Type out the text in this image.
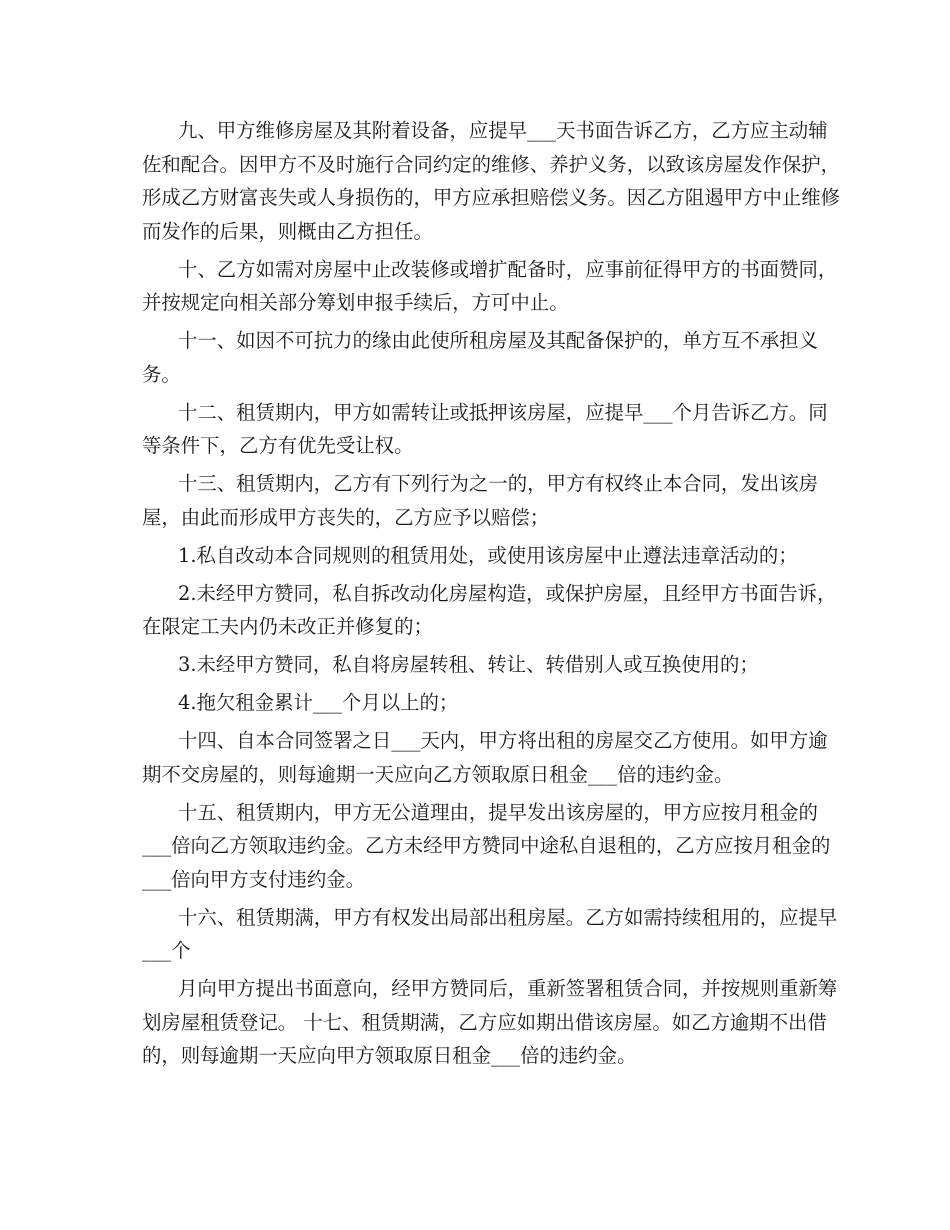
九、甲方维修房屋及其附着设备，应提早___天书面告诉乙方，乙方应主动辅
佐和配合。因甲方不及时施行合同约定的维修、养护义务，以致该房屋发作保护，
形成乙方财富丧失或人身损伤的，甲方应承担赔偿义务。因乙方阻遏甲方中止维修
而发作的后果，则概由乙方担任。
十、乙方如需对房屋中止改装修或增扩配备时，应事前征得甲方的书面赞同，
并按规定向相关部分筹划申报手续后，方可中止。
十一、如因不可抗力的缘由此使所租房屋及其配备保护的，单方互不承担义
务。
十二、租赁期内，甲方如需转让或抵押该房屋，应提早___个月告诉乙方。同
等条件下，乙方有优先受让权。
十三、租赁期内，乙方有下列行为之一的，甲方有权终止本合同，发出该房
屋，由此而形成甲方丧失的，乙方应予以赔偿；
1.私自改动本合同规则的租赁用处，或使用该房屋中止遵法违章活动的；
2.未经甲方赞同，私自拆改动化房屋构造，或保护房屋，且经甲方书面告诉，
在限定工夫内仍未改正并修复的；
3.未经甲方赞同，私自将房屋转租、转让、转借别人或互换使用的；
4.拖欠租金累计___个月以上的；
十四、自本合同签署之日___天内，甲方将出租的房屋交乙方使用。如甲方逾
期不交房屋的，则每逾期一天应向乙方领取原日租金___倍的违约金。
十五、租赁期内，甲方无公道理由，提早发出该房屋的，甲方应按月租金的
___倍向乙方领取违约金。乙方未经甲方赞同中途私自退租的，乙方应按月租金的
___倍向甲方支付违约金。
十六、租赁期满，甲方有权发出局部出租房屋。乙方如需持续租用的，应提早
___个
月向甲方提出书面意向，经甲方赞同后，重新签署租赁合同，并按规则重新筹
划房屋租赁登记。 十七、租赁期满，乙方应如期出借该房屋。如乙方逾期不出借
的，则每逾期一天应向甲方领取原日租金___倍的违约金。
